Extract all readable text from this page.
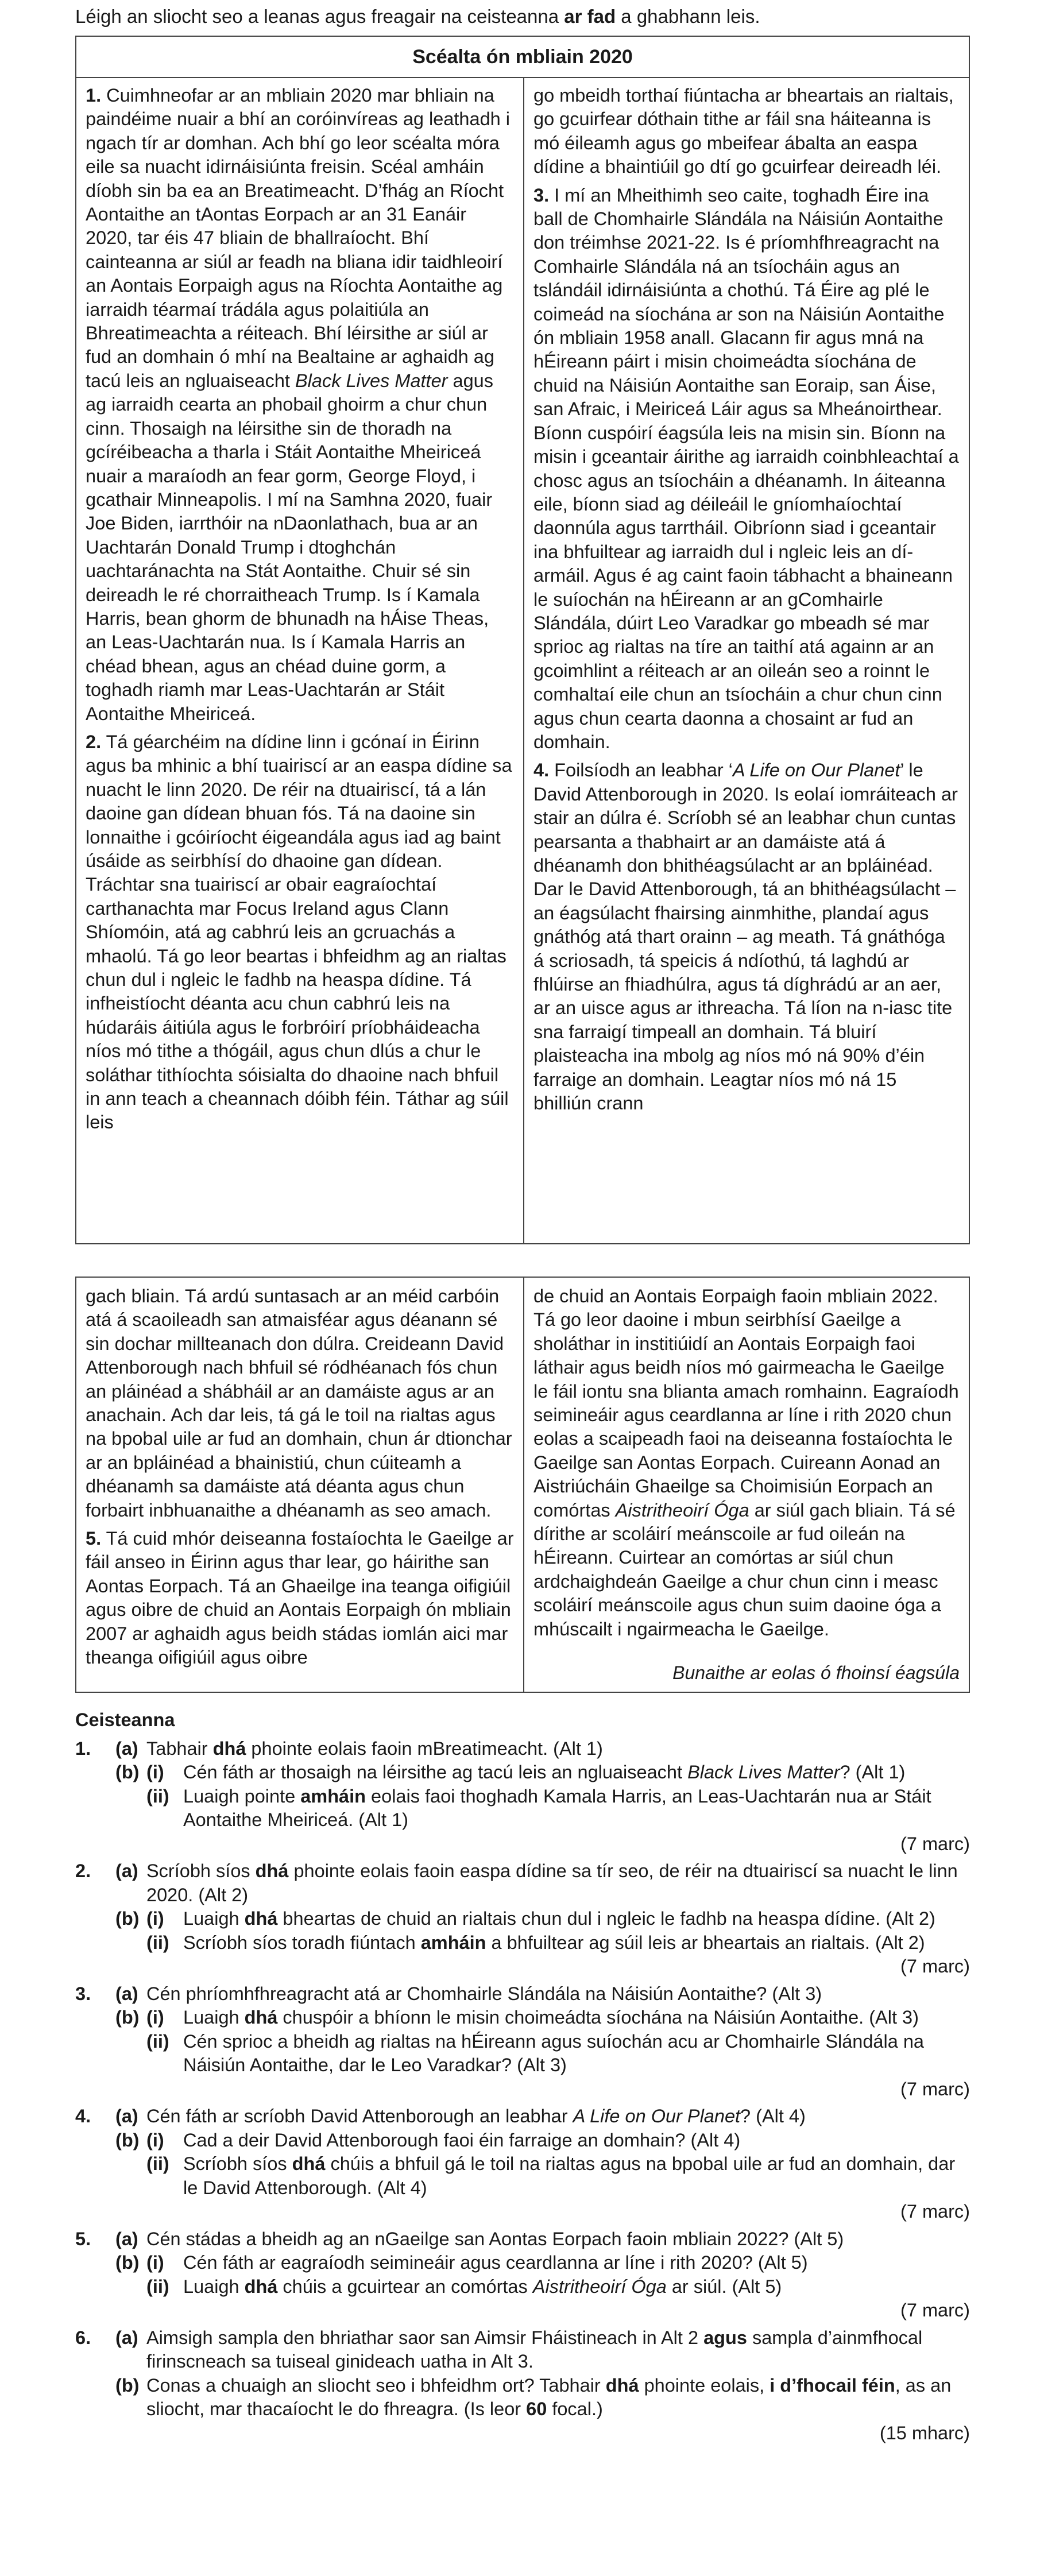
Léigh an sliocht seo a leanas agus freagair na ceisteanna ar fad a ghabhann leis.
Scéalta ón mbliain 2020

1. Cuimhneofar ar an mbliain 2020 mar bhliain na paindéime nuair a bhí an coróinvíreas ag leathadh i ngach tír ar domhan. Ach bhí go leor scéalta móra eile sa nuacht idirnáisiúnta freisin. Scéal amháin díobh sin ba ea an Breatimeacht. D’fhág an Ríocht Aontaithe an tAontas Eorpach ar an 31 Eanáir 2020, tar éis 47 bliain de bhallraíocht. Bhí cainteanna ar siúl ar feadh na bliana idir taidhleoirí an Aontais Eorpaigh agus na Ríochta Aontaithe ag iarraidh téarmaí trádála agus polaitiúla an Bhreatimeachta a réiteach. Bhí léirsithe ar siúl ar fud an domhain ó mhí na Bealtaine ar aghaidh ag tacú leis an ngluaiseacht Black Lives Matter agus ag iarraidh cearta an phobail ghoirm a chur chun cinn. Thosaigh na léirsithe sin de thoradh na gcíréibeacha a tharla i Stáit Aontaithe Mheiriceá nuair a maraíodh an fear gorm, George Floyd, i gcathair Minneapolis. I mí na Samhna 2020, fuair Joe Biden, iarrthóir na nDaonlathach, bua ar an Uachtarán Donald Trump i dtoghchán uachtaránachta na Stát Aontaithe. Chuir sé sin deireadh le ré chorraitheach Trump. Is í Kamala Harris, bean ghorm de bhunadh na hÁise Theas, an Leas-Uachtarán nua. Is í Kamala Harris an chéad bhean, agus an chéad duine gorm, a toghadh riamh mar Leas-Uachtarán ar Stáit Aontaithe Mheiriceá.

2. Tá géarchéim na dídine linn i gcónaí in Éirinn agus ba mhinic a bhí tuairiscí ar an easpa dídine sa nuacht le linn 2020. De réir na dtuairiscí, tá a lán daoine gan dídean bhuan fós. Tá na daoine sin lonnaithe i gcóiríocht éigeandála agus iad ag baint úsáide as seirbhísí do dhaoine gan dídean. Tráchtar sna tuairiscí ar obair eagraíochtaí carthanachta mar Focus Ireland agus Clann Shíomóin, atá ag cabhrú leis an gcruachás a mhaolú. Tá go leor beartas i bhfeidhm ag an rialtas chun dul i ngleic le fadhb na heaspa dídine. Tá infheistíocht déanta acu chun cabhrú leis na húdaráis áitiúla agus le forbróirí príobháideacha níos mó tithe a thógáil, agus chun dlús a chur le soláthar tithíochta sóisialta do dhaoine nach bhfuil in ann teach a cheannach dóibh féin. Táthar ag súil leis

go mbeidh torthaí fiúntacha ar bheartais an rialtais, go gcuirfear dóthain tithe ar fáil sna háiteanna is mó éileamh agus go mbeifear ábalta an easpa dídine a bhaintiúil go dtí go gcuirfear deireadh léi.

3. I mí an Mheithimh seo caite, toghadh Éire ina ball de Chomhairle Slándála na Náisiún Aontaithe don tréimhse 2021-22. Is é príomhfhreagracht na Comhairle Slándála ná an tsíocháin agus an tslándáil idirnáisiúnta a chothú. Tá Éire ag plé le coimeád na síochána ar son na Náisiún Aontaithe ón mbliain 1958 anall. Glacann fir agus mná na hÉireann páirt i misin choimeádta síochána de chuid na Náisiún Aontaithe san Eoraip, san Áise, san Afraic, i Meiriceá Láir agus sa Mheánoirthear. Bíonn cuspóirí éagsúla leis na misin sin. Bíonn na misin i gceantair áirithe ag iarraidh coinbhleachtaí a chosc agus an tsíocháin a dhéanamh. In áiteanna eile, bíonn siad ag déileáil le gníomhaíochtaí daonnúla agus tarrtháil. Oibríonn siad i gceantair ina bhfuiltear ag iarraidh dul i ngleic leis an dí-armáil. Agus é ag caint faoin tábhacht a bhaineann le suíochán na hÉireann ar an gComhairle Slándála, dúirt Leo Varadkar go mbeadh sé mar sprioc ag rialtas na tíre an taithí atá againn ar an gcoimhlint a réiteach ar an oileán seo a roinnt le comhaltaí eile chun an tsíocháin a chur chun cinn agus chun cearta daonna a chosaint ar fud an domhain.

4. Foilsíodh an leabhar ‘A Life on Our Planet’ le David Attenborough in 2020. Is eolaí iomráiteach ar stair an dúlra é. Scríobh sé an leabhar chun cuntas pearsanta a thabhairt ar an damáiste atá á dhéanamh don bhithéagsúlacht ar an bpláinéad. Dar le David Attenborough, tá an bhithéagsúlacht – an éagsúlacht fhairsing ainmhithe, plandaí agus gnáthóg atá thart orainn – ag meath. Tá gnáthóga á scriosadh, tá speicis á ndíothú, tá laghdú ar fhlúirse an fhiadhúlra, agus tá díghrádú ar an aer, ar an uisce agus ar ithreacha. Tá líon na n-iasc tite sna farraigí timpeall an domhain. Tá bluirí plaisteacha ina mbolg ag níos mó ná 90% d’éin farraige an domhain. Leagtar níos mó ná 15 bhilliún crann

gach bliain. Tá ardú suntasach ar an méid carbóin atá á scaoileadh san atmaisféar agus déanann sé sin dochar millteanach don dúlra. Creideann David Attenborough nach bhfuil sé ródhéanach fós chun an pláinéad a shábháil ar an damáiste agus ar an anachain. Ach dar leis, tá gá le toil na rialtas agus na bpobal uile ar fud an domhain, chun ár dtionchar ar an bpláinéad a bhainistiú, chun cúiteamh a dhéanamh sa damáiste atá déanta agus chun forbairt inbhuanaithe a dhéanamh as seo amach.

5. Tá cuid mhór deiseanna fostaíochta le Gaeilge ar fáil anseo in Éirinn agus thar lear, go háirithe san Aontas Eorpach. Tá an Ghaeilge ina teanga oifigiúil agus oibre de chuid an Aontais Eorpaigh ón mbliain 2007 ar aghaidh agus beidh stádas iomlán aici mar theanga oifigiúil agus oibre

de chuid an Aontais Eorpaigh faoin mbliain 2022. Tá go leor daoine i mbun seirbhísí Gaeilge a sholáthar in institiúidí an Aontais Eorpaigh faoi láthair agus beidh níos mó gairmeacha le Gaeilge le fáil iontu sna blianta amach romhainn. Eagraíodh seimineáir agus ceardlanna ar líne i rith 2020 chun eolas a scaipeadh faoi na deiseanna fostaíochta le Gaeilge san Aontas Eorpach. Cuireann Aonad an Aistriúcháin Ghaeilge sa Choimisiún Eorpach an comórtas Aistritheoirí Óga ar siúl gach bliain. Tá sé dírithe ar scoláirí meánscoile ar fud oileán na hÉireann. Cuirtear an comórtas ar siúl chun ardchaighdeán Gaeilge a chur chun cinn i measc scoláirí meánscoile agus chun suim daoine óga a mhúscailt i ngairmeacha le Gaeilge.

Bunaithe ar eolas ó fhoinsí éagsúla
Ceisteanna
1.	(a) Tabhair dhá phointe eolais faoin mBreatimeacht. (Alt 1)
(b) (i)	Cén fáth ar thosaigh na léirsithe ag tacú leis an ngluaiseacht Black Lives Matter? (Alt 1)
(ii) Luaigh pointe amháin eolais faoi thoghadh Kamala Harris, an Leas-Uachtarán nua ar Stáit Aontaithe Mheiriceá. (Alt 1)
(7 marc)
2.	(a) Scríobh síos dhá phointe eolais faoin easpa dídine sa tír seo, de réir na dtuairiscí sa nuacht le linn 2020. (Alt 2)
(b) (i)	Luaigh dhá bheartas de chuid an rialtais chun dul i ngleic le fadhb na heaspa dídine. (Alt 2)
(ii) Scríobh síos toradh fiúntach amháin a bhfuiltear ag súil leis ar bheartais an rialtais. (Alt 2)
(7 marc)
3.	(a) Cén phríomhfhreagracht atá ar Chomhairle Slándála na Náisiún Aontaithe? (Alt 3)
(b) (i)	Luaigh dhá chuspóir a bhíonn le misin choimeádta síochána na Náisiún Aontaithe. (Alt 3)
(ii) Cén sprioc a bheidh ag rialtas na hÉireann agus suíochán acu ar Chomhairle Slándála na Náisiún Aontaithe, dar le Leo Varadkar? (Alt 3)
(7 marc)
4.	(a) Cén fáth ar scríobh David Attenborough an leabhar A Life on Our Planet? (Alt 4)
(b) (i)	Cad a deir David Attenborough faoi éin farraige an domhain? (Alt 4)
(ii) Scríobh síos dhá chúis a bhfuil gá le toil na rialtas agus na bpobal uile ar fud an domhain, dar le David Attenborough. (Alt 4)
(7 marc)
5.	(a) Cén stádas a bheidh ag an nGaeilge san Aontas Eorpach faoin mbliain 2022? (Alt 5)
(b) (i)	Cén fáth ar eagraíodh seimineáir agus ceardlanna ar líne i rith 2020? (Alt 5)
(ii) Luaigh dhá chúis a gcuirtear an comórtas Aistritheoirí Óga ar siúl. (Alt 5)
(7 marc)
6.	(a) Aimsigh sampla den bhriathar saor san Aimsir Fháistineach in Alt 2 agus sampla d’ainmfhocal firinscneach sa tuiseal ginideach uatha in Alt 3.
(b) Conas a chuaigh an sliocht seo i bhfeidhm ort? Tabhair dhá phointe eolais, i d’fhocail féin, as an sliocht, mar thacaíocht le do fhreagra. (Is leor 60 focal.)
(15 mharc)
